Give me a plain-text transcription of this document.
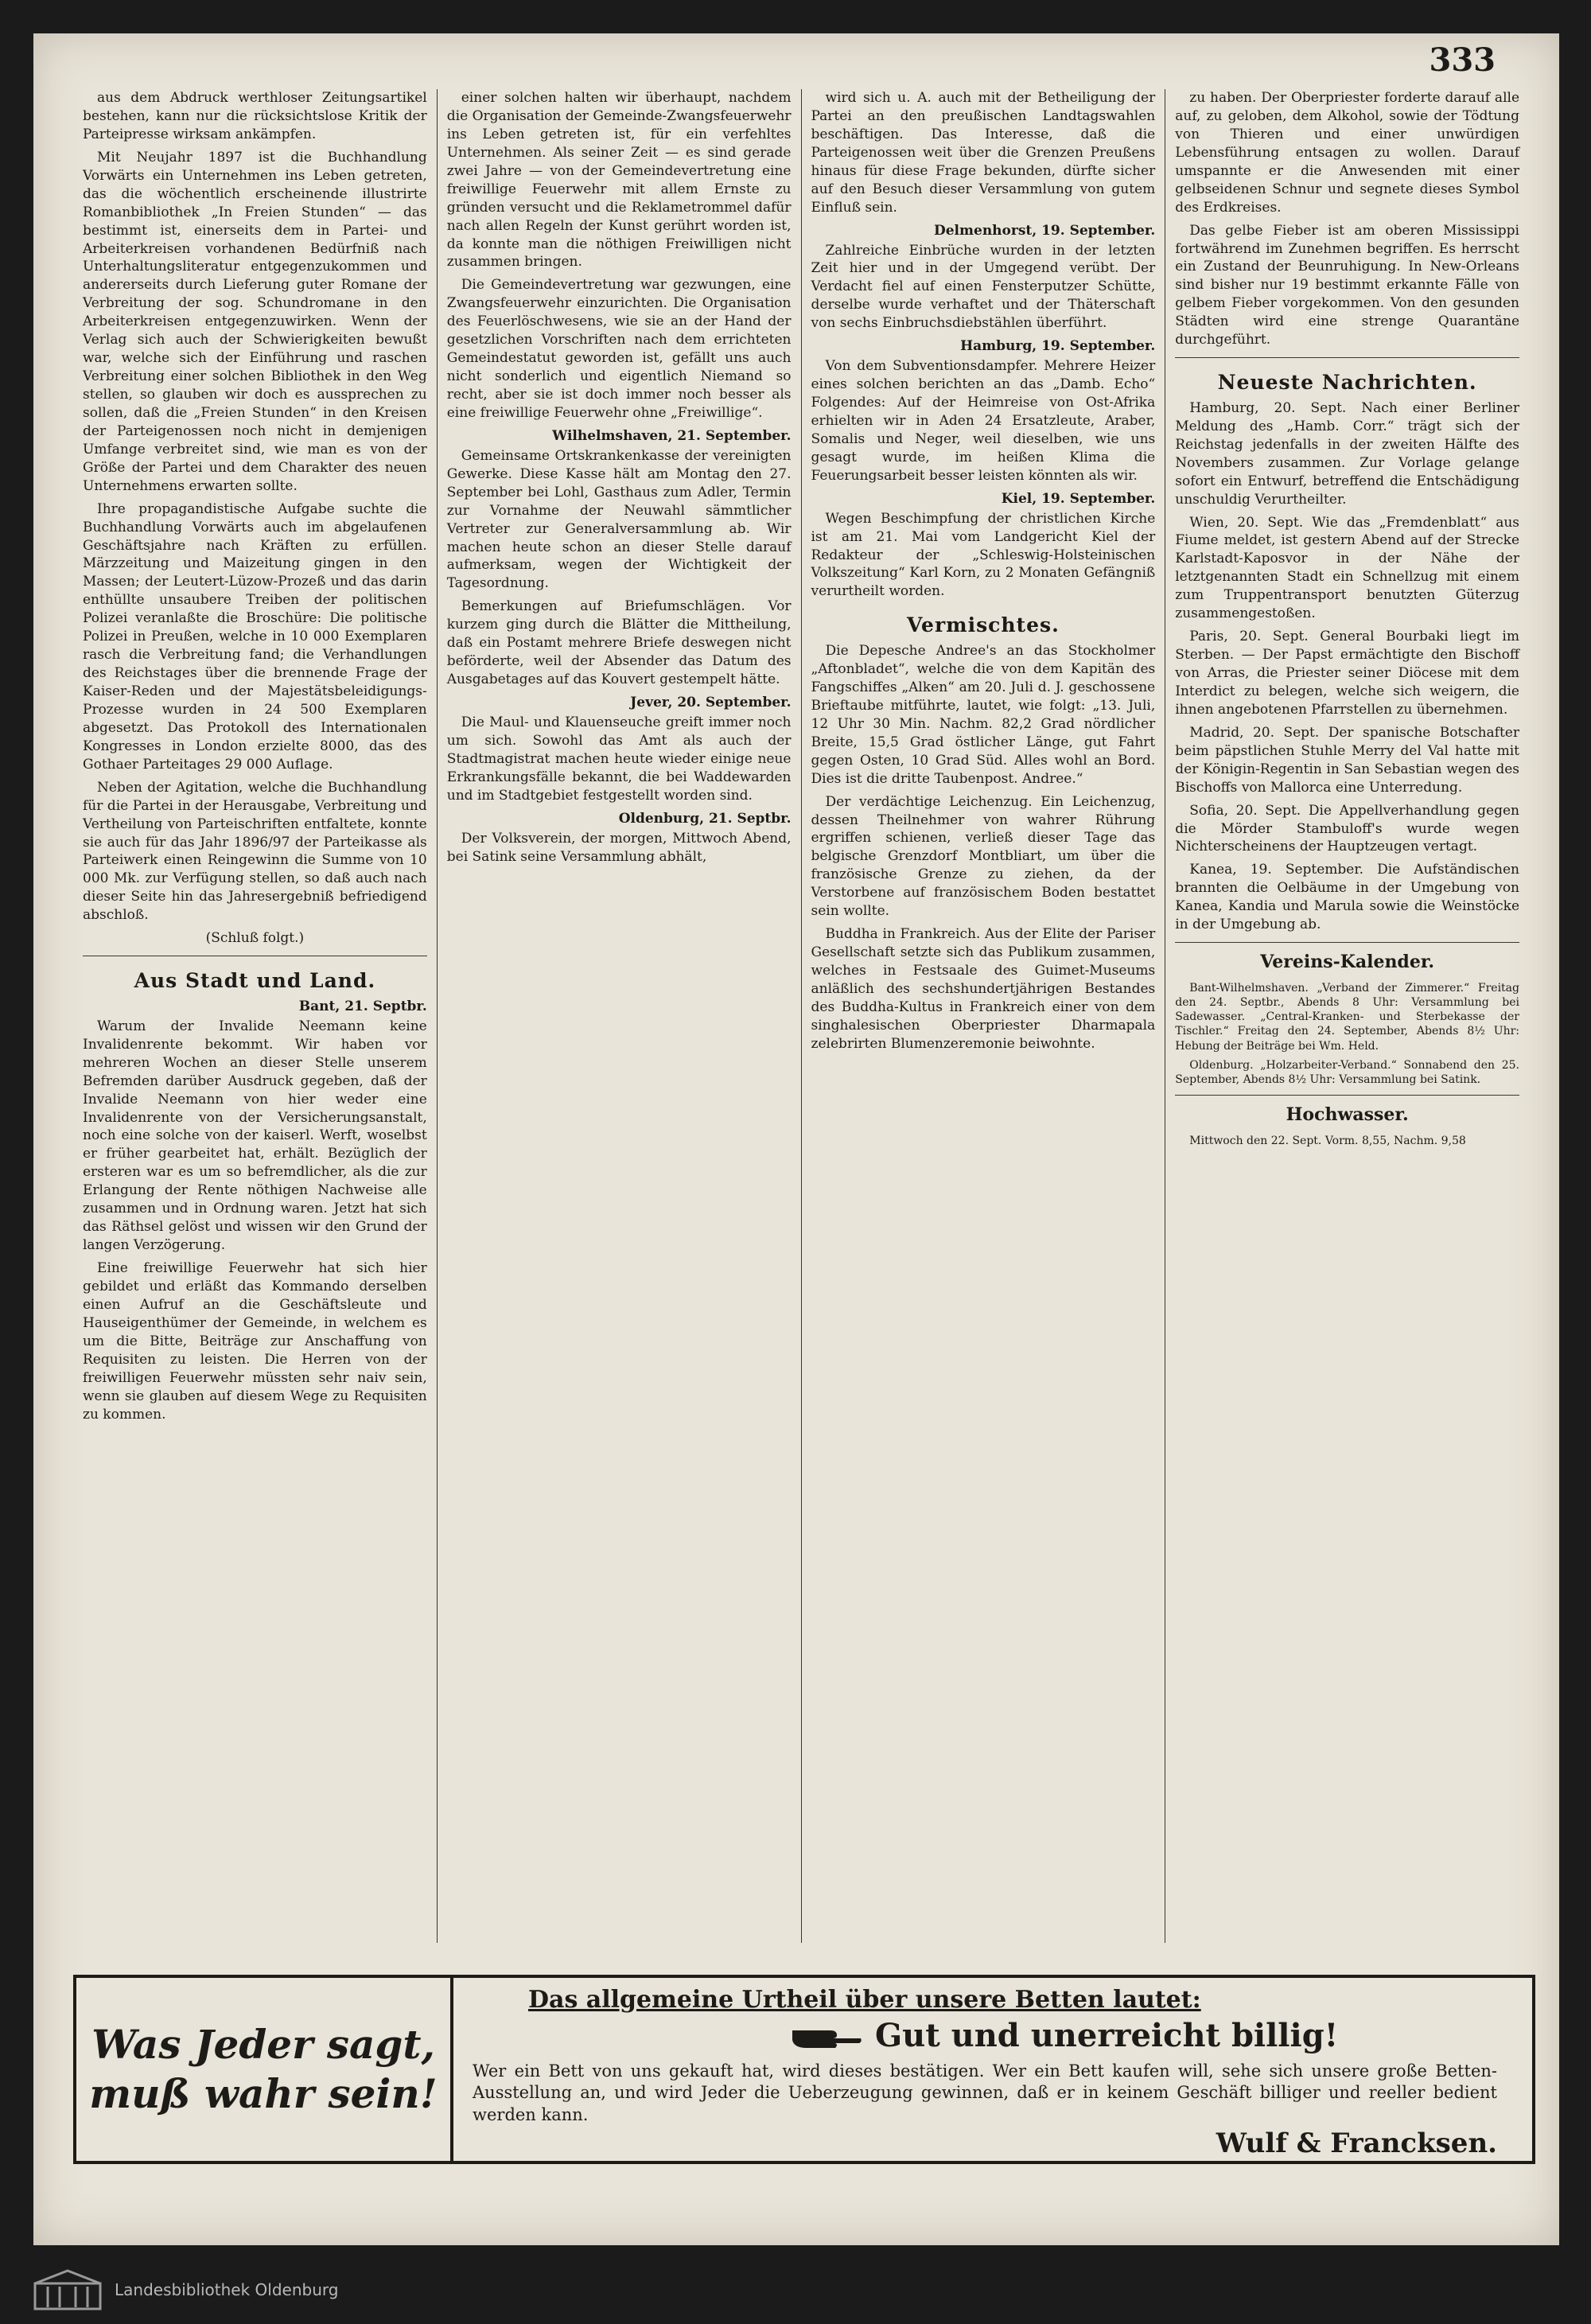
333

aus dem Abdruck werthloser Zeitungsartikel bestehen, kann nur die rücksichtslose Kritik der Parteipresse wirksam ankämpfen.

Mit Neujahr 1897 ist die Buchhandlung Vorwärts ein Unternehmen ins Leben getreten, das die wöchentlich erscheinende illustrirte Romanbibliothek „In Freien Stunden“ — das bestimmt ist, einerseits dem in Partei- und Arbeiterkreisen vorhandenen Bedürfniß nach Unterhaltungsliteratur entgegenzukommen und andererseits durch Lieferung guter Romane der Verbreitung der sog. Schundromane in den Arbeiterkreisen entgegenzuwirken. Wenn der Verlag sich auch der Schwierigkeiten bewußt war, welche sich der Einführung und raschen Verbreitung einer solchen Bibliothek in den Weg stellen, so glauben wir doch es aussprechen zu sollen, daß die „Freien Stunden“ in den Kreisen der Parteigenossen noch nicht in demjenigen Umfange verbreitet sind, wie man es von der Größe der Partei und dem Charakter des neuen Unternehmens erwarten sollte.

Ihre propagandistische Aufgabe suchte die Buchhandlung Vorwärts auch im abgelaufenen Geschäftsjahre nach Kräften zu erfüllen. Märzzeitung und Maizeitung gingen in den Massen; der Leutert-Lüzow-Prozeß und das darin enthüllte unsaubere Treiben der politischen Polizei veranlaßte die Broschüre: Die politische Polizei in Preußen, welche in 10 000 Exemplaren rasch die Verbreitung fand; die Verhandlungen des Reichstages über die brennende Frage der Kaiser-Reden und der Majestätsbeleidigungs-Prozesse wurden in 24 500 Exemplaren abgesetzt. Das Protokoll des Internationalen Kongresses in London erzielte 8000, das des Gothaer Parteitages 29 000 Auflage.

Neben der Agitation, welche die Buchhandlung für die Partei in der Herausgabe, Verbreitung und Vertheilung von Parteischriften entfaltete, konnte sie auch für das Jahr 1896/97 der Parteikasse als Parteiwerk einen Reingewinn die Summe von 10 000 Mk. zur Verfügung stellen, so daß auch nach dieser Seite hin das Jahresergebniß befriedigend abschloß.

(Schluß folgt.)
Aus Stadt und Land.
Bant, 21. Septbr.

Warum der Invalide Neemann keine Invalidenrente bekommt. Wir haben vor mehreren Wochen an dieser Stelle unserem Befremden darüber Ausdruck gegeben, daß der Invalide Neemann von hier weder eine Invalidenrente von der Versicherungsanstalt, noch eine solche von der kaiserl. Werft, woselbst er früher gearbeitet hat, erhält. Bezüglich der ersteren war es um so befremdlicher, als die zur Erlangung der Rente nöthigen Nachweise alle zusammen und in Ordnung waren. Jetzt hat sich das Räthsel gelöst und wissen wir den Grund der langen Verzögerung.

Eine freiwillige Feuerwehr hat sich hier gebildet und erläßt das Kommando derselben einen Aufruf an die Geschäftsleute und Hauseigenthümer der Gemeinde, in welchem es um die Bitte, Beiträge zur Anschaffung von Requisiten zu leisten. Die Herren von der freiwilligen Feuerwehr müssten sehr naiv sein, wenn sie glauben auf diesem Wege zu Requisiten zu kommen.

einer solchen halten wir überhaupt, nachdem die Organisation der Gemeinde-Zwangsfeuerwehr ins Leben getreten ist, für ein verfehltes Unternehmen. Als seiner Zeit — es sind gerade zwei Jahre — von der Gemeindevertretung eine freiwillige Feuerwehr mit allem Ernste zu gründen versucht und die Reklametrommel dafür nach allen Regeln der Kunst gerührt worden ist, da konnte man die nöthigen Freiwilligen nicht zusammen bringen.

Die Gemeindevertretung war gezwungen, eine Zwangsfeuerwehr einzurichten. Die Organisation des Feuerlöschwesens, wie sie an der Hand der gesetzlichen Vorschriften nach dem errichteten Gemeindestatut geworden ist, gefällt uns auch nicht sonderlich und eigentlich Niemand so recht, aber sie ist doch immer noch besser als eine freiwillige Feuerwehr ohne „Freiwillige“.

Wilhelmshaven, 21. September.

Gemeinsame Ortskrankenkasse der vereinigten Gewerke. Diese Kasse hält am Montag den 27. September bei Lohl, Gasthaus zum Adler, Termin zur Vornahme der Neuwahl sämmtlicher Vertreter zur Generalversammlung ab. Wir machen heute schon an dieser Stelle darauf aufmerksam, wegen der Wichtigkeit der Tagesordnung.

Bemerkungen auf Briefumschlägen. Vor kurzem ging durch die Blätter die Mittheilung, daß ein Postamt mehrere Briefe deswegen nicht beförderte, weil der Absender das Datum des Ausgabetages auf das Kouvert gestempelt hätte.

Jever, 20. September.

Die Maul- und Klauenseuche greift immer noch um sich. Sowohl das Amt als auch der Stadtmagistrat machen heute wieder einige neue Erkrankungsfälle bekannt, die bei Waddewarden und im Stadtgebiet festgestellt worden sind.

Oldenburg, 21. Septbr.

Der Volksverein, der morgen, Mittwoch Abend, bei Satink seine Versammlung abhält,

wird sich u. A. auch mit der Betheiligung der Partei an den preußischen Landtagswahlen beschäftigen. Das Interesse, daß die Parteigenossen weit über die Grenzen Preußens hinaus für diese Frage bekunden, dürfte sicher auf den Besuch dieser Versammlung von gutem Einfluß sein.

Delmenhorst, 19. September.

Zahlreiche Einbrüche wurden in der letzten Zeit hier und in der Umgegend verübt. Der Verdacht fiel auf einen Fensterputzer Schütte, derselbe wurde verhaftet und der Thäterschaft von sechs Einbruchsdiebstählen überführt.

Hamburg, 19. September.

Von dem Subventionsdampfer. Mehrere Heizer eines solchen berichten an das „Damb. Echo“ Folgendes: Auf der Heimreise von Ost-Afrika erhielten wir in Aden 24 Ersatzleute, Araber, Somalis und Neger, weil dieselben, wie uns gesagt wurde, im heißen Klima die Feuerungsarbeit besser leisten könnten als wir.

Kiel, 19. September.

Wegen Beschimpfung der christlichen Kirche ist am 21. Mai vom Landgericht Kiel der Redakteur der „Schleswig-Holsteinischen Volkszeitung“ Karl Korn, zu 2 Monaten Gefängniß verurtheilt worden.

Vermischtes.

Die Depesche Andree's an das Stockholmer „Aftonbladet“, welche die von dem Kapitän des Fangschiffes „Alken“ am 20. Juli d. J. geschossene Brieftaube mitführte, lautet, wie folgt: „13. Juli, 12 Uhr 30 Min. Nachm. 82,2 Grad nördlicher Breite, 15,5 Grad östlicher Länge, gut Fahrt gegen Osten, 10 Grad Süd. Alles wohl an Bord. Dies ist die dritte Taubenpost. Andree.“

Der verdächtige Leichenzug. Ein Leichenzug, dessen Theilnehmer von wahrer Rührung ergriffen schienen, verließ dieser Tage das belgische Grenzdorf Montbliart, um über die französische Grenze zu ziehen, da der Verstorbene auf französischem Boden bestattet sein wollte.

Buddha in Frankreich. Aus der Elite der Pariser Gesellschaft setzte sich das Publikum zusammen, welches in Festsaale des Guimet-Museums anläßlich des sechshundertjährigen Bestandes des Buddha-Kultus in Frankreich einer von dem singhalesischen Oberpriester Dharmapala zelebrirten Blumenzeremonie beiwohnte.

zu haben. Der Oberpriester forderte darauf alle auf, zu geloben, dem Alkohol, sowie der Tödtung von Thieren und einer unwürdigen Lebensführung entsagen zu wollen. Darauf umspannte er die Anwesenden mit einer gelbseidenen Schnur und segnete dieses Symbol des Erdkreises.

Das gelbe Fieber ist am oberen Mississippi fortwährend im Zunehmen begriffen. Es herrscht ein Zustand der Beunruhigung. In New-Orleans sind bisher nur 19 bestimmt erkannte Fälle von gelbem Fieber vorgekommen. Von den gesunden Städten wird eine strenge Quarantäne durchgeführt.

Neueste Nachrichten.

Hamburg, 20. Sept. Nach einer Berliner Meldung des „Hamb. Corr.“ trägt sich der Reichstag jedenfalls in der zweiten Hälfte des Novembers zusammen. Zur Vorlage gelange sofort ein Entwurf, betreffend die Entschädigung unschuldig Verurtheilter.

Wien, 20. Sept. Wie das „Fremdenblatt“ aus Fiume meldet, ist gestern Abend auf der Strecke Karlstadt-Kaposvor in der Nähe der letztgenannten Stadt ein Schnellzug mit einem zum Truppentransport benutzten Güterzug zusammengestoßen.

Paris, 20. Sept. General Bourbaki liegt im Sterben. — Der Papst ermächtigte den Bischoff von Arras, die Priester seiner Diöcese mit dem Interdict zu belegen, welche sich weigern, die ihnen angebotenen Pfarrstellen zu übernehmen.

Madrid, 20. Sept. Der spanische Botschafter beim päpstlichen Stuhle Merry del Val hatte mit der Königin-Regentin in San Sebastian wegen des Bischoffs von Mallorca eine Unterredung.

Sofia, 20. Sept. Die Appellverhandlung gegen die Mörder Stambuloff's wurde wegen Nichterscheinens der Hauptzeugen vertagt.

Kanea, 19. September. Die Aufständischen brannten die Oelbäume in der Umgebung von Kanea, Kandia und Marula sowie die Weinstöcke in der Umgebung ab.

Vereins-Kalender.

Bant-Wilhelmshaven. „Verband der Zimmerer.“ Freitag den 24. Septbr., Abends 8 Uhr: Versammlung bei Sadewasser. „Central-Kranken- und Sterbekasse der Tischler.“ Freitag den 24. September, Abends 8½ Uhr: Hebung der Beiträge bei Wm. Held.

Oldenburg. „Holzarbeiter-Verband.“ Sonnabend den 25. September, Abends 8½ Uhr: Versammlung bei Satink.

Hochwasser.

Mittwoch den 22. Sept. Vorm. 8,55, Nachm. 9,58

Was Jeder sagt,
muß wahr sein!
Das allgemeine Urtheil über unsere Betten lautet:
Gut und unerreicht billig!
Wer ein Bett von uns gekauft hat, wird dieses bestätigen. Wer ein Bett kaufen will, sehe sich unsere große Betten-Ausstellung an, und wird Jeder die Ueberzeugung gewinnen, daß er in keinem Geschäft billiger und reeller bedient werden kann.
Wulf & Francksen.
Landesbibliothek Oldenburg
